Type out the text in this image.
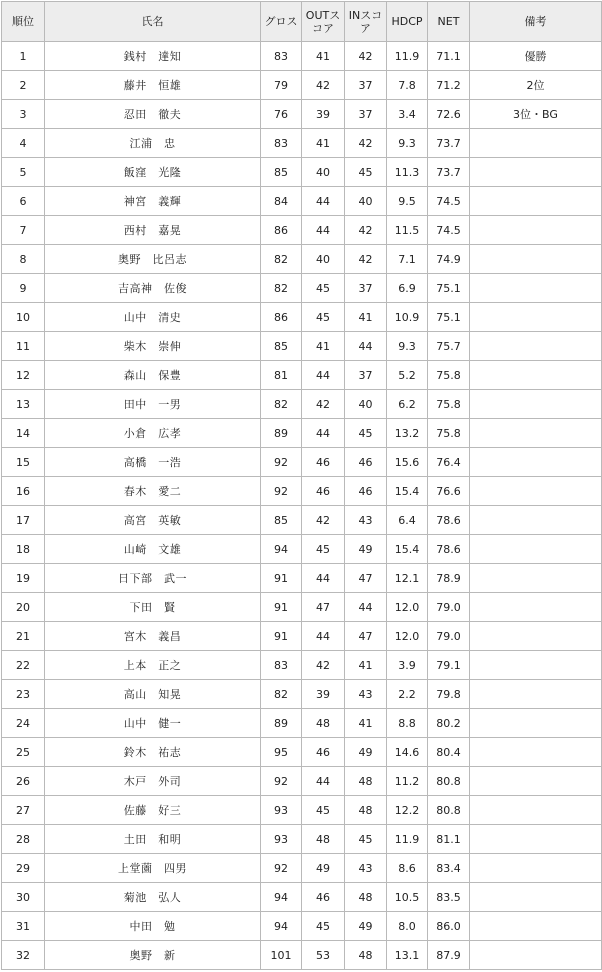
順位	氏名	グロス	OUTスコア	INスコア	HDCP	NET	備考
1	銭村　達知	83	41	42	11.9	71.1	優勝
2	藤井　恒雄	79	42	37	7.8	71.2	2位
3	忍田　徹夫	76	39	37	3.4	72.6	3位・BG
4	江浦　忠	83	41	42	9.3	73.7	
5	飯窪　光隆	85	40	45	11.3	73.7	
6	神宮　義輝	84	44	40	9.5	74.5	
7	西村　嘉晃	86	44	42	11.5	74.5	
8	奥野　比呂志	82	40	42	7.1	74.9	
9	吉高神　佐俊	82	45	37	6.9	75.1	
10	山中　清史	86	45	41	10.9	75.1	
11	柴木　崇伸	85	41	44	9.3	75.7	
12	森山　保豊	81	44	37	5.2	75.8	
13	田中　一男	82	42	40	6.2	75.8	
14	小倉　広孝	89	44	45	13.2	75.8	
15	高橋　一浩	92	46	46	15.6	76.4	
16	春木　愛二	92	46	46	15.4	76.6	
17	高宮　英敏	85	42	43	6.4	78.6	
18	山崎　文雄	94	45	49	15.4	78.6	
19	日下部　武一	91	44	47	12.1	78.9	
20	下田　賢	91	47	44	12.0	79.0	
21	宮木　義昌	91	44	47	12.0	79.0	
22	上本　正之	83	42	41	3.9	79.1	
23	高山　知晃	82	39	43	2.2	79.8	
24	山中　健一	89	48	41	8.8	80.2	
25	鈴木　祐志	95	46	49	14.6	80.4	
26	木戸　外司	92	44	48	11.2	80.8	
27	佐藤　好三	93	45	48	12.2	80.8	
28	土田　和明	93	48	45	11.9	81.1	
29	上堂薗　四男	92	49	43	8.6	83.4	
30	菊池　弘人	94	46	48	10.5	83.5	
31	中田　勉	94	45	49	8.0	86.0	
32	奥野　新	101	53	48	13.1	87.9	
